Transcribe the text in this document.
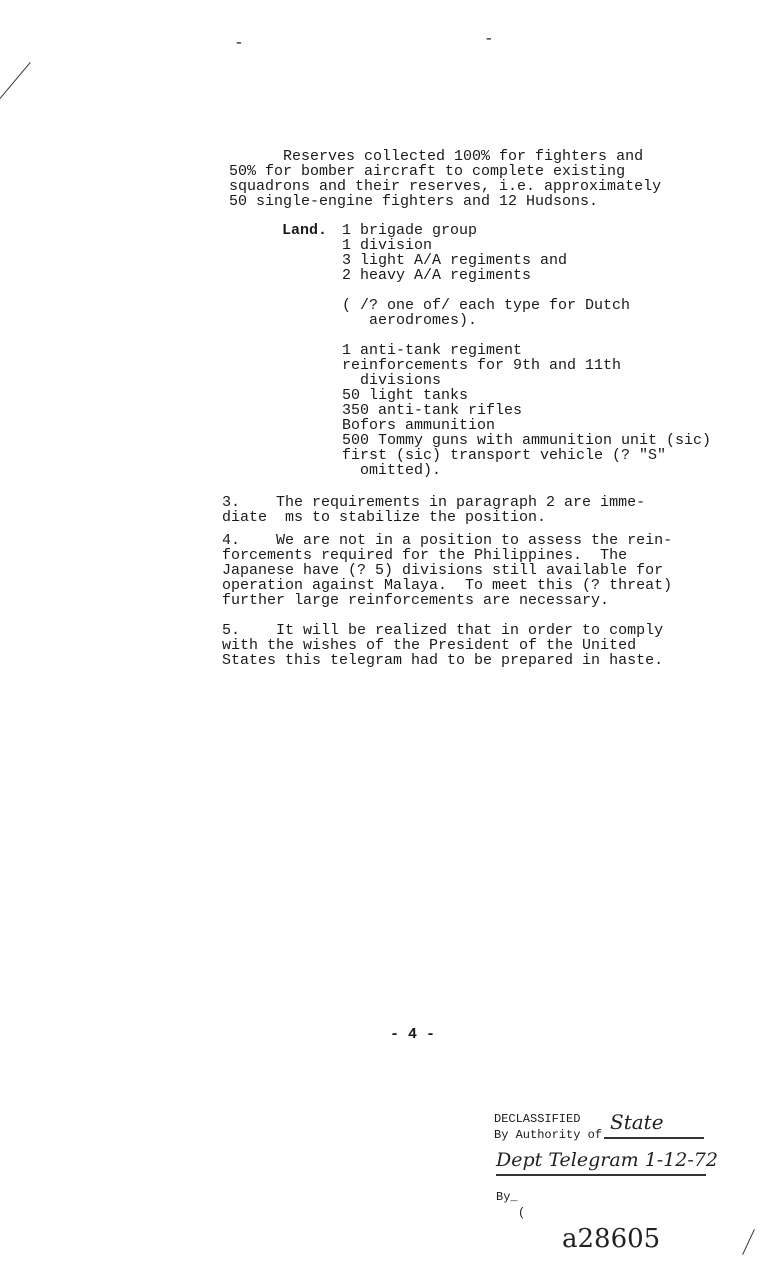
-	-
Reserves collected 100% for fighters and
50% for bomber aircraft to complete existing
squadrons and their reserves, i.e. approximately
50 single-engine fighters and 12 Hudsons.
Land. 1 brigade group
1 division
3 light A/A regiments and
2 heavy A/A regiments
( /? one of/ each type for Dutch
aerodromes).
1 anti-tank regiment
reinforcements for 9th and 11th
divisions
50 light tanks
350 anti-tank rifles
Bofors ammunition
500 Tommy guns with ammunition unit (sic)
first (sic) transport vehicle (? "S"
omitted).
3.    The requirements in paragraph 2 are imme-
diate  ms to stabilize the position.
4.    We are not in a position to assess the rein-
forcements required for the Philippines.  The
Japanese have (? 5) divisions still available for
operation against Malaya.  To meet this (? threat)
further large reinforcements are necessary.
5.    It will be realized that in order to comply
with the wishes of the President of the United
States this telegram had to be prepared in haste.
- 4 -
DECLASSIFIED
By Authority of
State
Dept Telegram 1-12-72
By_
(
a28605
